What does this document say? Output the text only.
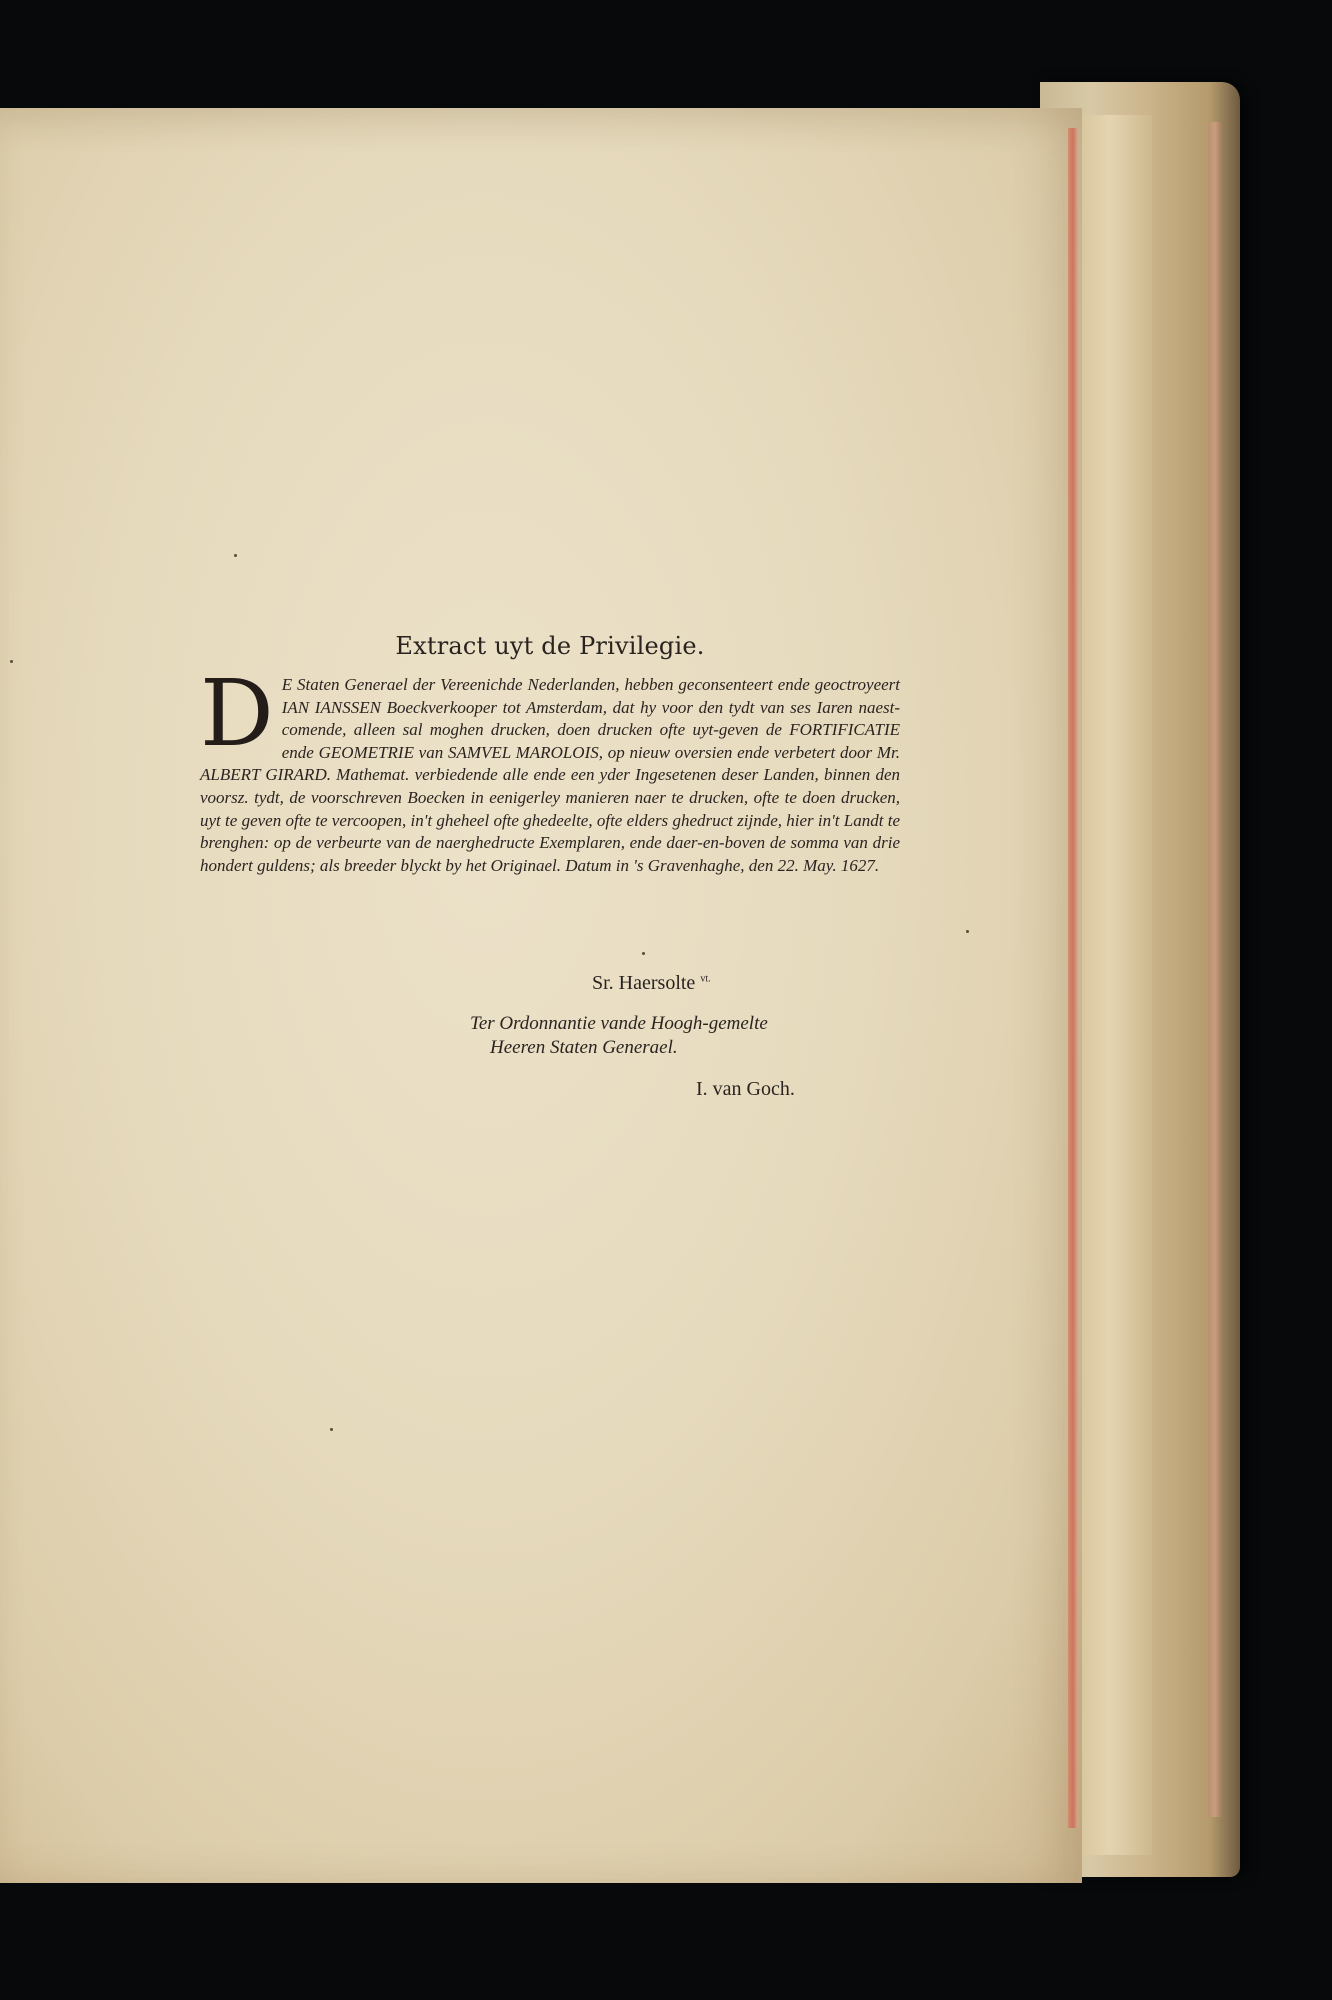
Extract uyt de Privilegie.

D E Staten Generael der Vereenichde Nederlanden, hebben geconsenteert ende geoctroyeert IAN IANSSEN Boeckverkooper tot Amsterdam, dat hy voor den tydt van ses Iaren naest-comende, alleen sal moghen drucken, doen drucken ofte uyt-geven de FORTIFICATIE ende GEOMETRIE van SAMVEL MAROLOIS, op nieuw oversien ende verbetert door Mr. ALBERT GIRARD. Mathemat. verbiedende alle ende een yder Ingesetenen deser Landen, binnen den voorsz. tydt, de voorschreven Boecken in eenigerley manieren naer te drucken, ofte te doen drucken, uyt te geven ofte te vercoopen, in't gheheel ofte ghedeelte, ofte elders ghedruct zijnde, hier in't Landt te brenghen: op de verbeurte van de naerghedructe Exemplaren, ende daer-en-boven de somma van drie hondert guldens; als breeder blyckt by het Originael. Datum in 's Gravenhaghe, den 22. May. 1627.

Sr. Haersolte $^{vt.}$
Ter Ordonnantie vande Hoogh-gemelte
Heeren Staten Generael.
I. van Goch.
